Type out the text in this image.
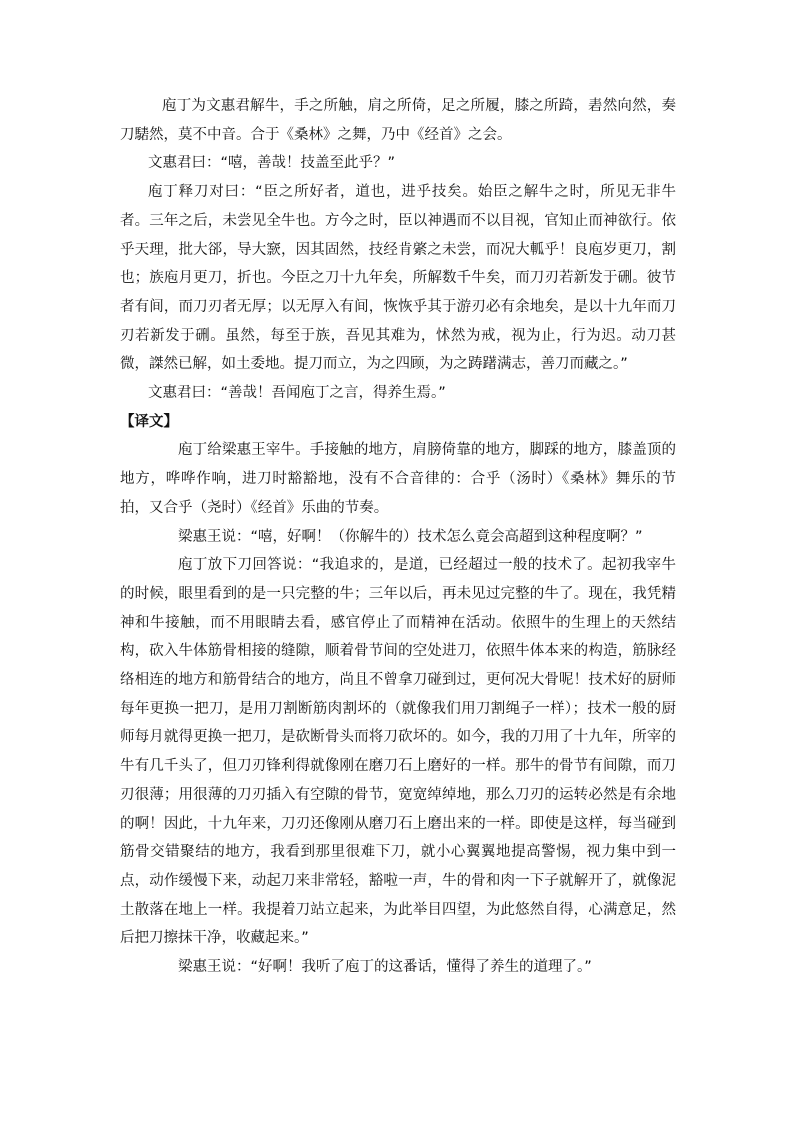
庖丁为文惠君解牛，手之所触，肩之所倚，足之所履，膝之所踦，砉然向然，奏刀騞然，莫不中音。合于《桑林》之舞，乃中《经首》之会。

文惠君曰：“嘻，善哉！技盖至此乎？”

庖丁释刀对曰：“臣之所好者，道也，进乎技矣。始臣之解牛之时，所见无非牛者。三年之后，未尝见全牛也。方今之时，臣以神遇而不以目视，官知止而神欲行。依乎天理，批大郤，导大窾，因其固然，技经肯綮之未尝，而况大軱乎！良庖岁更刀，割也；族庖月更刀，折也。今臣之刀十九年矣，所解数千牛矣，而刀刃若新发于硎。彼节者有间，而刀刃者无厚；以无厚入有间，恢恢乎其于游刃必有余地矣，是以十九年而刀刃若新发于硎。虽然，每至于族，吾见其难为，怵然为戒，视为止，行为迟。动刀甚微，謋然已解，如土委地。提刀而立，为之四顾，为之踌躇满志，善刀而藏之。”

文惠君曰：“善哉！吾闻庖丁之言，得养生焉。”

【译文】

庖丁给梁惠王宰牛。手接触的地方，肩膀倚靠的地方，脚踩的地方，膝盖顶的地方，哗哗作响，进刀时豁豁地，没有不合音律的：合乎（汤时）《桑林》舞乐的节拍，又合乎（尧时）《经首》乐曲的节奏。

梁惠王说：“嘻，好啊！（你解牛的）技术怎么竟会高超到这种程度啊？”

庖丁放下刀回答说：“我追求的，是道，已经超过一般的技术了。起初我宰牛的时候，眼里看到的是一只完整的牛；三年以后，再未见过完整的牛了。现在，我凭精神和牛接触，而不用眼睛去看，感官停止了而精神在活动。依照牛的生理上的天然结构，砍入牛体筋骨相接的缝隙，顺着骨节间的空处进刀，依照牛体本来的构造，筋脉经络相连的地方和筋骨结合的地方，尚且不曾拿刀碰到过，更何况大骨呢！技术好的厨师每年更换一把刀，是用刀割断筋肉割坏的（就像我们用刀割绳子一样）；技术一般的厨师每月就得更换一把刀，是砍断骨头而将刀砍坏的。如今，我的刀用了十九年，所宰的牛有几千头了，但刀刃锋利得就像刚在磨刀石上磨好的一样。那牛的骨节有间隙，而刀刃很薄；用很薄的刀刃插入有空隙的骨节，宽宽绰绰地，那么刀刃的运转必然是有余地的啊！因此，十九年来，刀刃还像刚从磨刀石上磨出来的一样。即使是这样，每当碰到筋骨交错聚结的地方，我看到那里很难下刀，就小心翼翼地提高警惕，视力集中到一点，动作缓慢下来，动起刀来非常轻，豁啦一声，牛的骨和肉一下子就解开了，就像泥土散落在地上一样。我提着刀站立起来，为此举目四望，为此悠然自得，心满意足，然后把刀擦抹干净，收藏起来。”

梁惠王说：“好啊！我听了庖丁的这番话，懂得了养生的道理了。”
